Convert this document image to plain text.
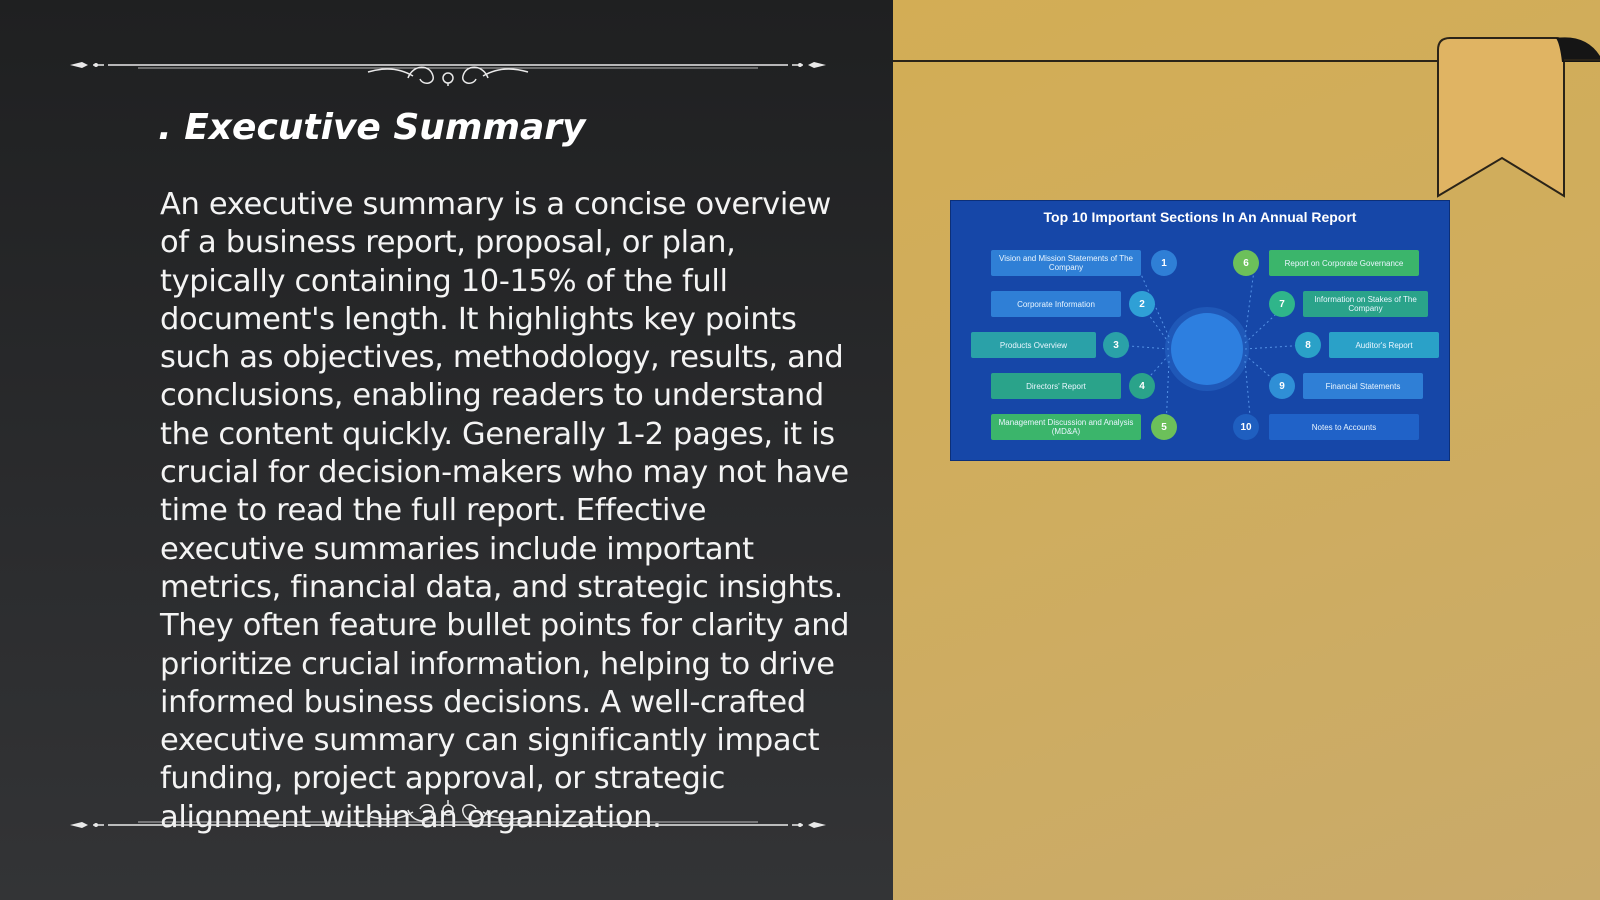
. Executive Summary

An executive summary is a concise overview of a business report, proposal, or plan, typically containing 10-15% of the full document's length. It highlights key points such as objectives, methodology, results, and conclusions, enabling readers to understand the content quickly. Generally 1-2 pages, it is crucial for decision-makers who may not have time to read the full report. Effective executive summaries include important metrics, financial data, and strategic insights. They often feature bullet points for clarity and prioritize crucial information, helping to drive informed business decisions. A well-crafted executive summary can significantly impact funding, project approval, or strategic alignment within an organization.

Top 10 Important Sections In An Annual Report
Vision and Mission Statements of The Company	1
Corporate Information	2
Products Overview	3
Directors' Report	4
Management Discussion and Analysis (MD&A)	5
6	Report on Corporate Governance
7	Information on Stakes of The Company
8	Auditor's Report
9	Financial Statements
10	Notes to Accounts
